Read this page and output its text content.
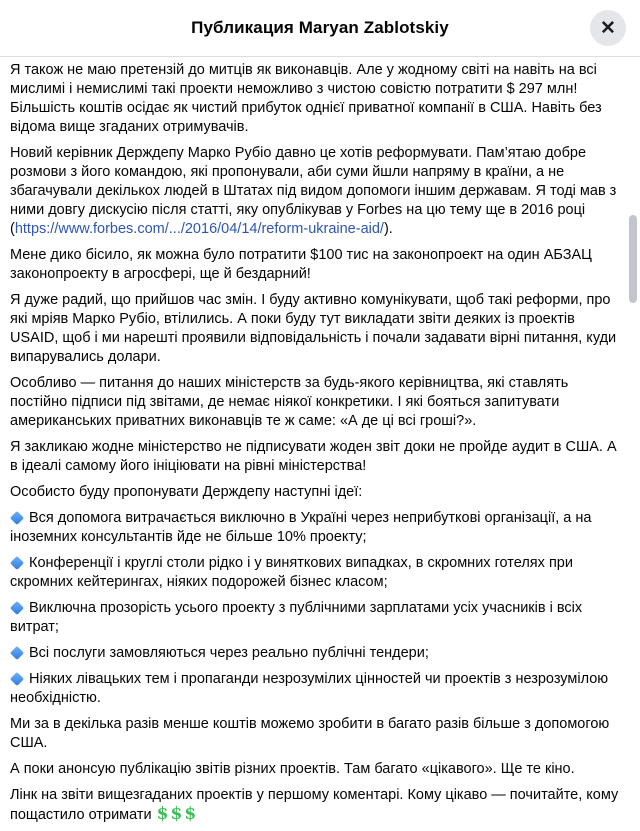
Публикация Maryan Zablotskiy	✕

Я також не маю претензій до митців як виконавців. Але у жодному світі на навіть на всі мислимі і немислимі такі проекти неможливо з чистою совістю потратити $ 297 млн! Більшість коштів осідає як чистий прибуток однієї приватної компанії в США. Навіть без відома вище згаданих отримувачів.

Новий керівник Держдепу Марко Рубіо давно це хотів реформувати. Пам’ятаю добре розмови з його командою, які пропонували, аби суми йшли напряму в країни, а не збагачували декількох людей в Штатах під видом допомоги іншим державам. Я тоді мав з ними довгу дискусію після статті, яку опублікував у Forbes на цю тему ще в 2016 році (https://www.forbes.com/.../2016/04/14/reform-ukraine-aid/).

Мене дико бісило, як можна було потратити $100 тис на законопроект на один АБЗАЦ законопроекту в агросфері, ще й бездарний!

Я дуже радий, що прийшов час змін. І буду активно комунікувати, щоб такі реформи, про які мріяв Марко Рубіо, втілились. А поки буду тут викладати звіти деяких із проектів USAID, щоб і ми нарешті проявили відповідальність і почали задавати вірні питання, куди випарувались долари.

Особливо — питання до наших міністерств за будь-якого керівництва, які ставлять постійно підписи під звітами, де немає ніякої конкретики. І які бояться запитувати американських приватних виконавців те ж саме: «А де ці всі гроші?».

Я закликаю жодне міністерство не підписувати жоден звіт доки не пройде аудит в США. А в ідеалі самому його ініціювати на рівні міністерства!

Особисто буду пропонувати Держдепу наступні ідеї:

Вся допомога витрачається виключно в Україні через неприбуткові організації, а на іноземних консультантів йде не більше 10% проекту;

Конференції і круглі столи рідко і у виняткових випадках, в скромних готелях при скромних кейтерингах, ніяких подорожей бізнес класом;

Виключна прозорість усього проекту з публічними зарплатами усіх учасників і всіх витрат;

Всі послуги замовляються через реально публічні тендери;

Ніяких лівацьких тем і пропаганди незрозумілих цінностей чи проектів з незрозумілою необхідністю.

Ми за в декілька разів менше коштів можемо зробити в багато разів більше з допомогою США.

А поки анонсую публікацію звітів різних проектів. Там багато «цікавого». Ще те кіно.

Лінк на звіти вищезгаданих проектів у першому коментарі. Кому цікаво — почитайте, кому пощастило отримати $$$
